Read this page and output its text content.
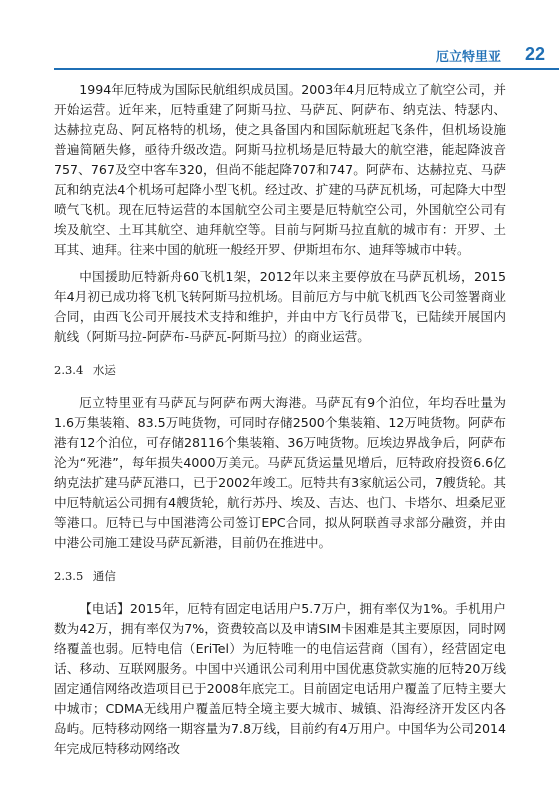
厄立特里亚 22

1994年厄特成为国际民航组织成员国。2003年4月厄特成立了航空公司，并开始运营。近年来，厄特重建了阿斯马拉、马萨瓦、阿萨布、纳克法、特瑟内、达赫拉克岛、阿瓦格特的机场，使之具备国内和国际航班起飞条件，但机场设施普遍简陋失修，亟待升级改造。阿斯马拉机场是厄特最大的航空港，能起降波音757、767及空中客车320，但尚不能起降707和747。阿萨布、达赫拉克、马萨瓦和纳克法4个机场可起降小型飞机。经过改、扩建的马萨瓦机场，可起降大中型喷气飞机。现在厄特运营的本国航空公司主要是厄特航空公司，外国航空公司有埃及航空、土耳其航空、迪拜航空等。目前与阿斯马拉直航的城市有：开罗、土耳其、迪拜。往来中国的航班一般经开罗、伊斯坦布尔、迪拜等城市中转。

中国援助厄特新舟60飞机1架，2012年以来主要停放在马萨瓦机场，2015年4月初已成功将飞机飞转阿斯马拉机场。目前厄方与中航飞机西飞公司签署商业合同，由西飞公司开展技术支持和维护，并由中方飞行员带飞，已陆续开展国内航线（阿斯马拉-阿萨布-马萨瓦-阿斯马拉）的商业运营。

2.3.4 水运

厄立特里亚有马萨瓦与阿萨布两大海港。马萨瓦有9个泊位，年均吞吐量为1.6万集装箱、83.5万吨货物，可同时存储2500个集装箱、12万吨货物。阿萨布港有12个泊位，可存储28116个集装箱、36万吨货物。厄埃边界战争后，阿萨布沦为“死港”，每年损失4000万美元。马萨瓦货运量见增后，厄特政府投资6.6亿纳克法扩建马萨瓦港口，已于2002年竣工。厄特共有3家航运公司，7艘货轮。其中厄特航运公司拥有4艘货轮，航行苏丹、埃及、吉达、也门、卡塔尔、坦桑尼亚等港口。厄特已与中国港湾公司签订EPC合同，拟从阿联酋寻求部分融资，并由中港公司施工建设马萨瓦新港，目前仍在推进中。

2.3.5 通信

【电话】2015年，厄特有固定电话用户5.7万户，拥有率仅为1%。手机用户数为42万，拥有率仅为7%，资费较高以及申请SIM卡困难是其主要原因，同时网络覆盖也弱。厄特电信（EriTel）为厄特唯一的电信运营商（国有），经营固定电话、移动、互联网服务。中国中兴通讯公司利用中国优惠贷款实施的厄特20万线固定通信网络改造项目已于2008年底完工。目前固定电话用户覆盖了厄特主要大中城市；CDMA无线用户覆盖厄特全境主要大城市、城镇、沿海经济开发区内各岛屿。厄特移动网络一期容量为7.8万线，目前约有4万用户。中国华为公司2014年完成厄特移动网络改
